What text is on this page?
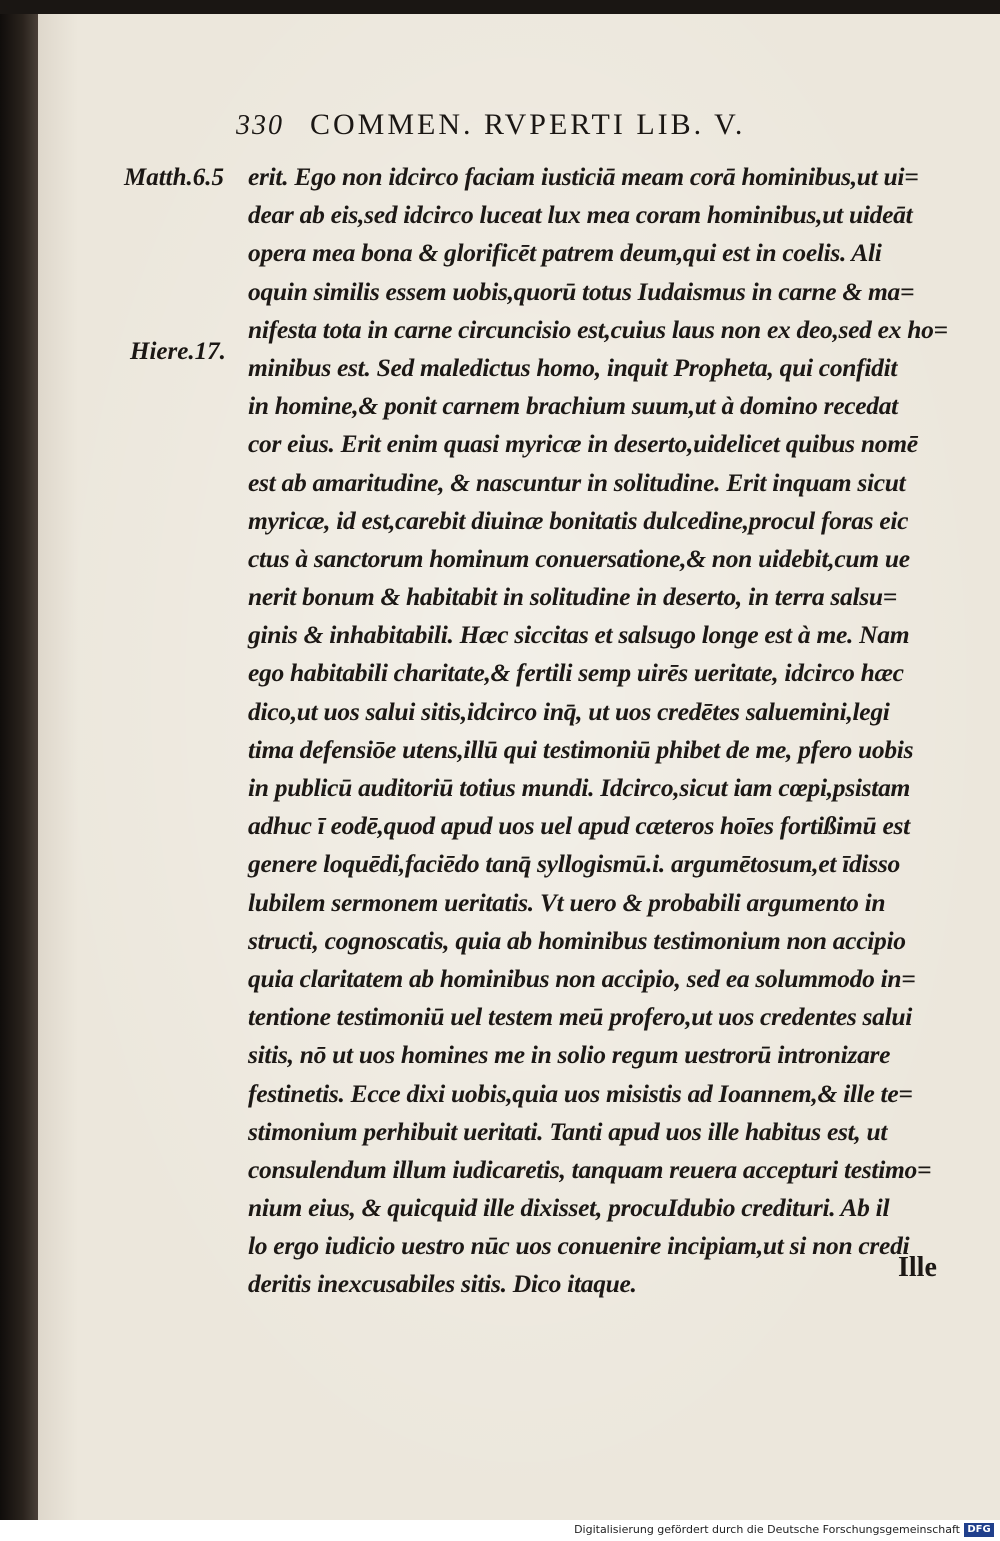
330 COMMEN. RVPERTI LIB. V.
Matth.6.5
Hiere.17.
erit. Ego non idcirco faciam iusticiā meam corā hominibus,ut ui=
dear ab eis,sed idcirco luceat lux mea coram hominibus,ut uideāt
opera mea bona & glorificēt patrem deum,qui est in coelis. Ali
oquin similis essem uobis,quorū totus Iudaismus in carne & ma=
nifesta tota in carne circuncisio est,cuius laus non ex deo,sed ex ho=
minibus est. Sed maledictus homo, inquit Propheta, qui confidit
in homine,& ponit carnem brachium suum,ut à domino recedat
cor eius. Erit enim quasi myricæ in deserto,uidelicet quibus nomē
est ab amaritudine, & nascuntur in solitudine. Erit inquam sicut
myricæ, id est,carebit diuinæ bonitatis dulcedine,procul foras eic
ctus à sanctorum hominum conuersatione,& non uidebit,cum ue
nerit bonum & habitabit in solitudine in deserto, in terra salsu=
ginis & inhabitabili. Hæc siccitas et salsugo longe est à me. Nam
ego habitabili charitate,& fertili semp uirēs ueritate, idcirco hæc
dico,ut uos salui sitis,idcirco inq̄, ut uos credētes saluemini,legi
tima defensiōe utens,illū qui testimoniū phibet de me, pfero uobis
in publicū auditoriū totius mundi. Idcirco,sicut iam cœpi,psistam
adhuc ī eodē,quod apud uos uel apud cæteros hoīes fortißimū est
genere loquēdi,faciēdo tanq̄ syllogismū.i. argumētosum,et īdisso
lubilem sermonem ueritatis. Vt uero & probabili argumento in
structi, cognoscatis, quia ab hominibus testimonium non accipio
quia claritatem ab hominibus non accipio, sed ea solummodo in=
tentione testimoniū uel testem meū profero,ut uos credentes salui
sitis, nō ut uos homines me in solio regum uestrorū intronizare
festinetis. Ecce dixi uobis,quia uos misistis ad Ioannem,& ille te=
stimonium perhibuit ueritati. Tanti apud uos ille habitus est, ut
consulendum illum iudicaretis, tanquam reuera accepturi testimo=
nium eius, & quicquid ille dixisset, procuIdubio credituri. Ab il
lo ergo iudicio uestro nūc uos conuenire incipiam,ut si non credi
deritis inexcusabiles sitis. Dico itaque.
Ille
Digitalisierung gefördert durch die Deutsche Forschungsgemeinschaft DFG
